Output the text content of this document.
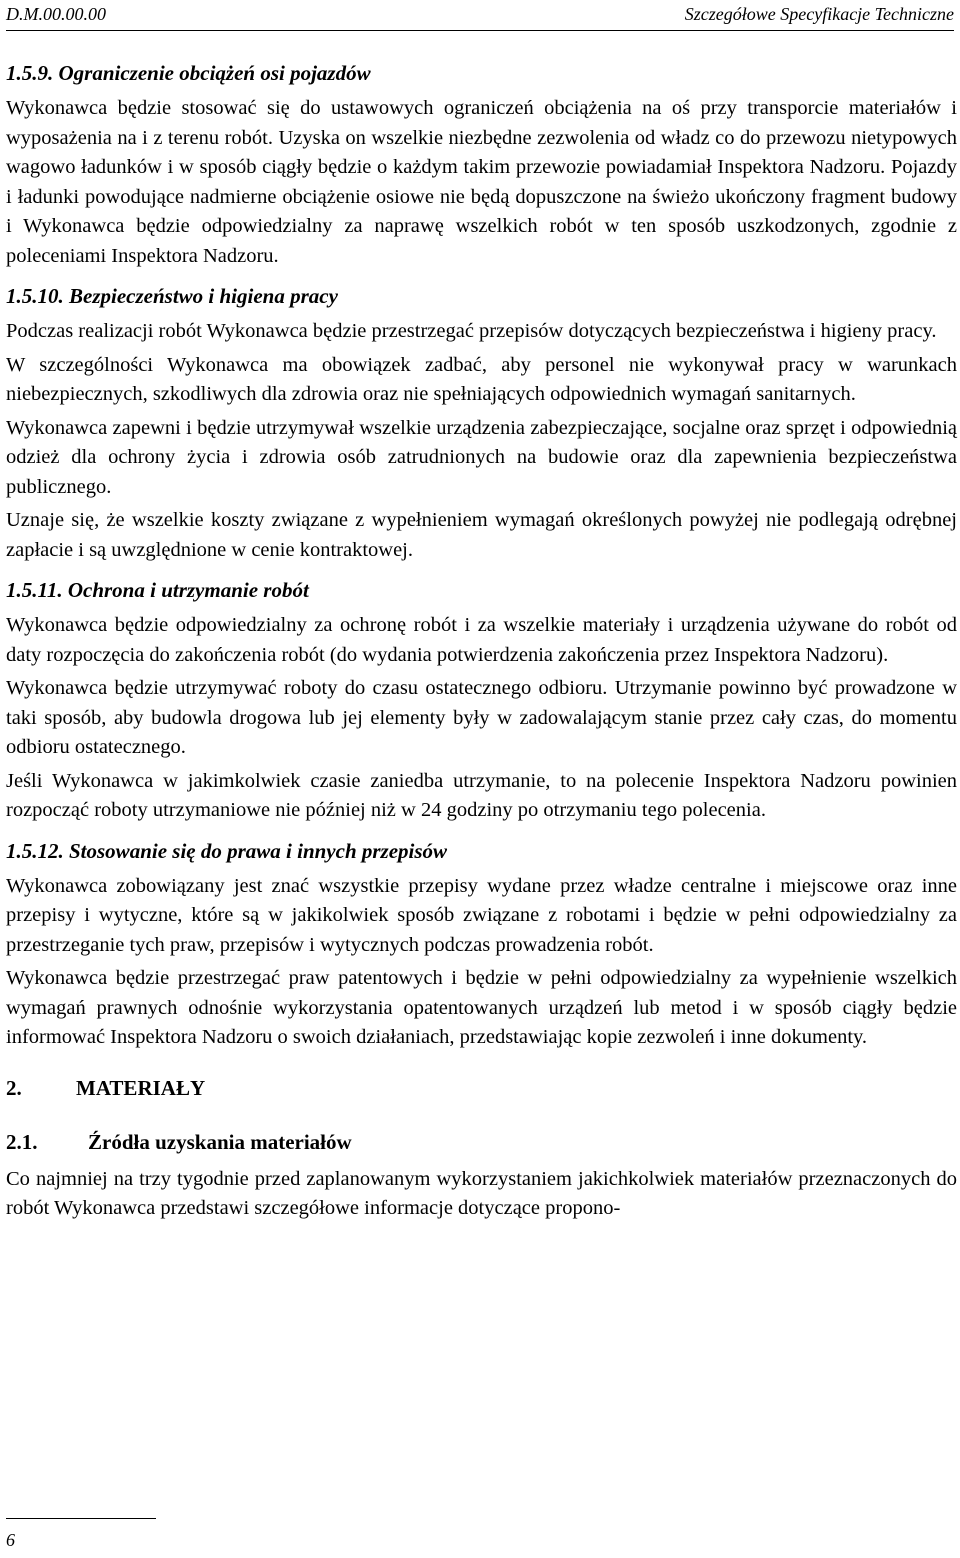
D.M.00.00.00	Szczegółowe Specyfikacje Techniczne
1.5.9. Ograniczenie obciążeń osi pojazdów

Wykonawca będzie stosować się do ustawowych ograniczeń obciążenia na oś przy transporcie materiałów i wyposażenia na i z terenu robót. Uzyska on wszelkie niezbędne zezwolenia od władz co do przewozu nietypowych wagowo ładunków i w sposób ciągły będzie o każdym takim przewozie powiadamiał Inspektora Nadzoru. Pojazdy i ładunki powodujące nadmierne obciążenie osiowe nie będą dopuszczone na świeżo ukończony fragment budowy i Wykonawca będzie odpowiedzialny za naprawę wszelkich robót w ten sposób uszkodzonych, zgodnie z poleceniami Inspektora Nadzoru.

1.5.10. Bezpieczeństwo i higiena pracy

Podczas realizacji robót Wykonawca będzie przestrzegać przepisów dotyczących bezpieczeństwa i higieny pracy.

W szczególności Wykonawca ma obowiązek zadbać, aby personel nie wykonywał pracy w warunkach niebezpiecznych, szkodliwych dla zdrowia oraz nie spełniających odpowiednich wymagań sanitarnych.

Wykonawca zapewni i będzie utrzymywał wszelkie urządzenia zabezpieczające, socjalne oraz sprzęt i odpowiednią odzież dla ochrony życia i zdrowia osób zatrudnionych na budowie oraz dla zapewnienia bezpieczeństwa publicznego.

Uznaje się, że wszelkie koszty związane z wypełnieniem wymagań określonych powyżej nie podlegają odrębnej zapłacie i są uwzględnione w cenie kontraktowej.

1.5.11. Ochrona i utrzymanie robót

Wykonawca będzie odpowiedzialny za ochronę robót i za wszelkie materiały i urządzenia używane do robót od daty rozpoczęcia do zakończenia robót (do wydania potwierdzenia zakończenia przez Inspektora Nadzoru).

Wykonawca będzie utrzymywać roboty do czasu ostatecznego odbioru. Utrzymanie powinno być prowadzone w taki sposób, aby budowla drogowa lub jej elementy były w zadowalającym stanie przez cały czas, do momentu odbioru ostatecznego.

Jeśli Wykonawca w jakimkolwiek czasie zaniedba utrzymanie, to na polecenie Inspektora Nadzoru powinien rozpocząć roboty utrzymaniowe nie później niż w 24 godziny po otrzymaniu tego polecenia.

1.5.12. Stosowanie się do prawa i innych przepisów

Wykonawca zobowiązany jest znać wszystkie przepisy wydane przez władze centralne i miejscowe oraz inne przepisy i wytyczne, które są w jakikolwiek sposób związane z robotami i będzie w pełni odpowiedzialny za przestrzeganie tych praw, przepisów i wytycznych podczas prowadzenia robót.

Wykonawca będzie przestrzegać praw patentowych i będzie w pełni odpowiedzialny za wypełnienie wszelkich wymagań prawnych odnośnie wykorzystania opatentowanych urządzeń lub metod i w sposób ciągły będzie informować Inspektora Nadzoru o swoich działaniach, przedstawiając kopie zezwoleń i inne dokumenty.

2.	MATERIAŁY
2.1. Źródła uzyskania materiałów

Co najmniej na trzy tygodnie przed zaplanowanym wykorzystaniem jakichkolwiek materiałów przeznaczonych do robót Wykonawca przedstawi szczegółowe informacje dotyczące propono-

6
